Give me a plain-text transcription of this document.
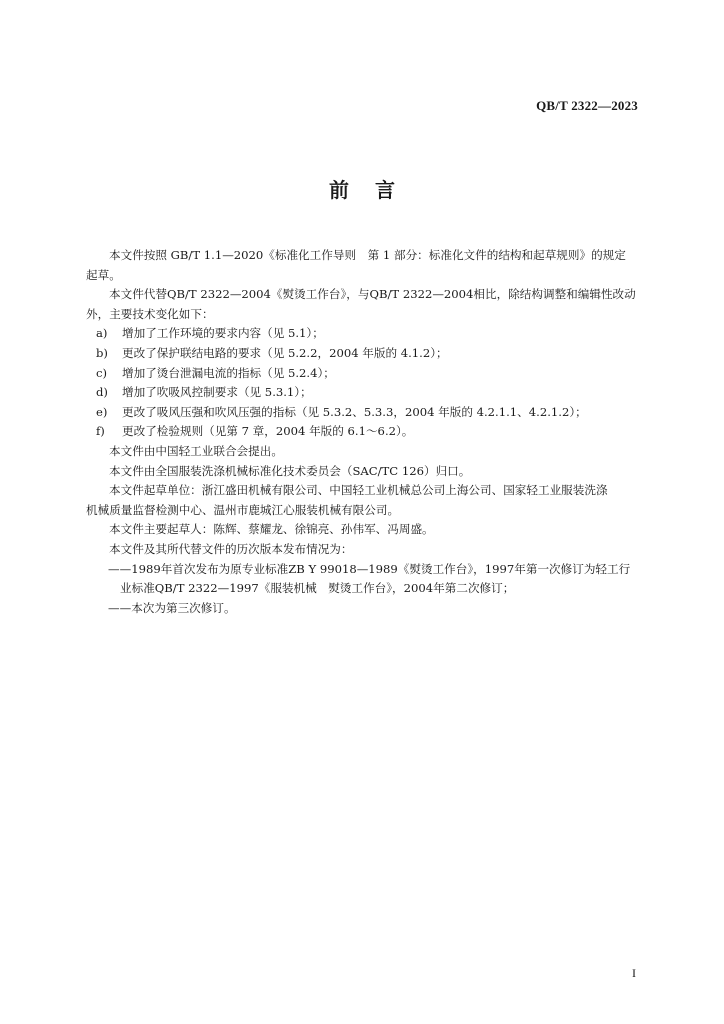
QB/T 2322—2023
前言

本文件按照 GB/T 1.1—2020《标准化工作导则　第 1 部分：标准化文件的结构和起草规则》的规定

起草。

本文件代替QB/T 2322—2004《熨烫工作台》，与QB/T 2322—2004相比，除结构调整和编辑性改动

外，主要技术变化如下：

a) 增加了工作环境的要求内容（见 5.1）；

b) 更改了保护联结电路的要求（见 5.2.2，2004 年版的 4.1.2）；

c) 增加了烫台泄漏电流的指标（见 5.2.4）；

d) 增加了吹吸风控制要求（见 5.3.1）；

e) 更改了吸风压强和吹风压强的指标（见 5.3.2、5.3.3，2004 年版的 4.2.1.1、4.2.1.2）；

f) 更改了检验规则（见第 7 章，2004 年版的 6.1～6.2）。

本文件由中国轻工业联合会提出。

本文件由全国服装洗涤机械标准化技术委员会（SAC/TC 126）归口。

本文件起草单位：浙江盛田机械有限公司、中国轻工业机械总公司上海公司、国家轻工业服装洗涤

机械质量监督检测中心、温州市鹿城江心服装机械有限公司。

本文件主要起草人：陈辉、蔡耀龙、徐锦亮、孙伟军、冯周盛。

本文件及其所代替文件的历次版本发布情况为：

——1989年首次发布为原专业标准ZB Y 99018—1989《熨烫工作台》，1997年第一次修订为轻工行

业标准QB/T 2322—1997《服装机械　熨烫工作台》，2004年第二次修订；

——本次为第三次修订。

I
